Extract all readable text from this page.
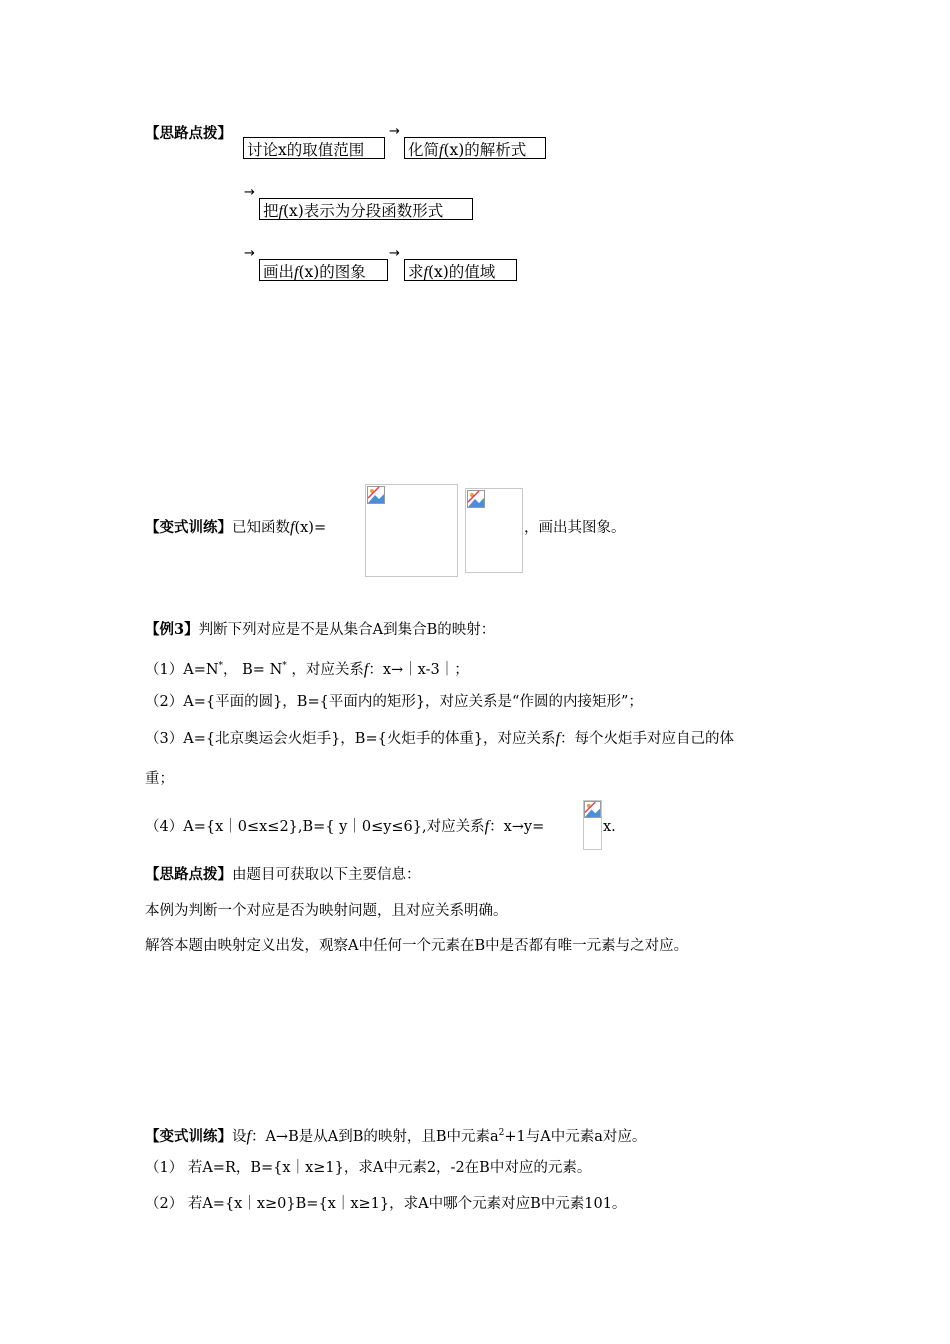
【思路点拨】
讨论x的取值范围
→
化简f(x)的解析式
→
把f(x)表示为分段函数形式
→
画出f(x)的图象
→
求f(x)的值域
【变式训练】已知函数f(x)=	，画出其图象。
【例3】判断下列对应是不是从集合A到集合B的映射：
（1）A=N*， B= N* ，对应关系f：x→｜x-3｜；
（2）A={平面的圆}，B={平面内的矩形}，对应关系是“作圆的内接矩形”；
（3）A={北京奥运会火炬手}，B={火炬手的体重}，对应关系f：每个火炬手对应自己的体
重；
（4）A={x｜0≤x≤2},B={ y｜0≤y≤6},对应关系f：x→y=	x.
【思路点拨】由题目可获取以下主要信息：
本例为判断一个对应是否为映射问题，且对应关系明确。
解答本题由映射定义出发，观察A中任何一个元素在B中是否都有唯一元素与之对应。
【变式训练】设f：A→B是从A到B的映射，且B中元素$a^2+1$与A中元素a对应。
（1） 若A=R，B={x｜x≥1}，求A中元素2，-2在B中对应的元素。
（2） 若A={x｜x≥0}B={x｜x≥1}，求A中哪个元素对应B中元素101。
